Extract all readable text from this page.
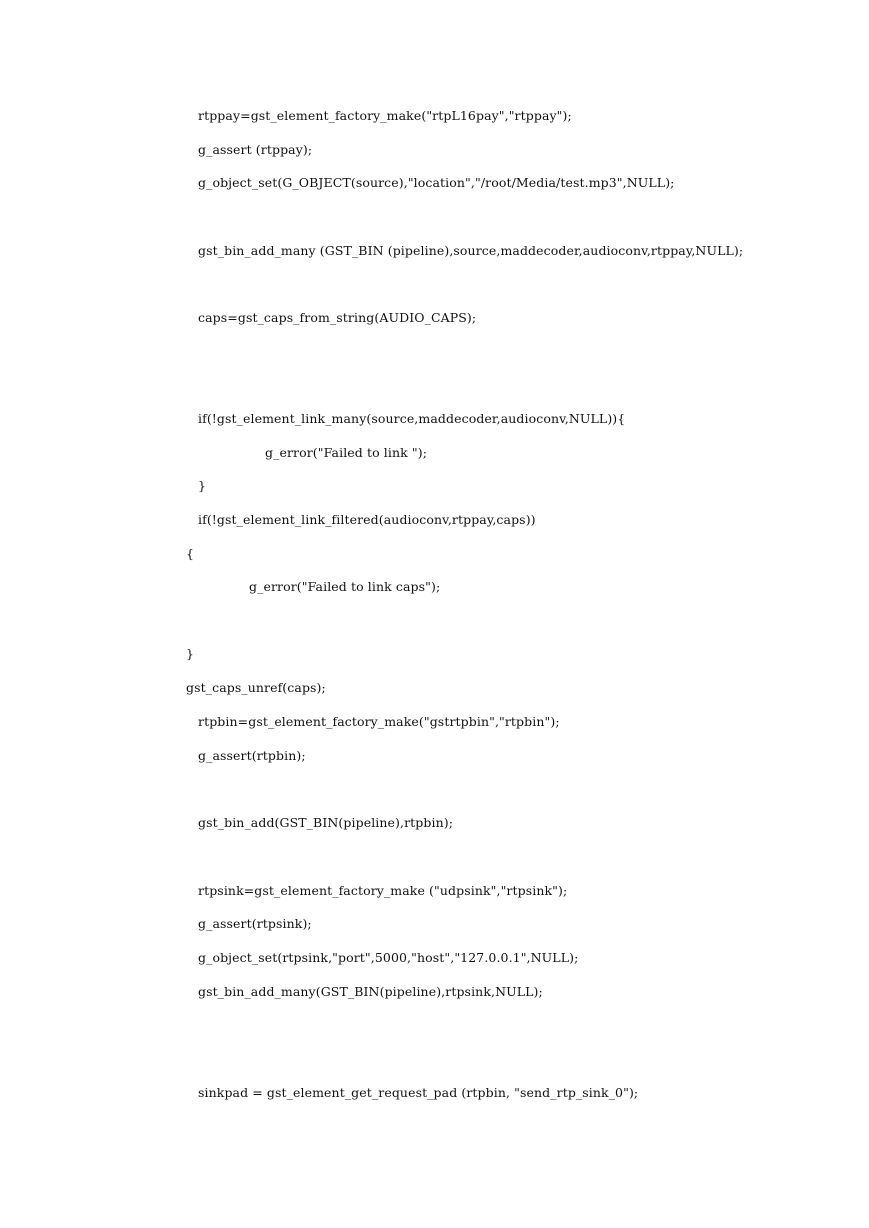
rtppay=gst_element_factory_make("rtpL16pay","rtppay");
g_assert (rtppay);
g_object_set(G_OBJECT(source),"location","/root/Media/test.mp3",NULL);
gst_bin_add_many (GST_BIN (pipeline),source,maddecoder,audioconv,rtppay,NULL);
caps=gst_caps_from_string(AUDIO_CAPS);
if(!gst_element_link_many(source,maddecoder,audioconv,NULL)){
g_error("Failed to link ");
}
if(!gst_element_link_filtered(audioconv,rtppay,caps))
{
g_error("Failed to link caps");
}
gst_caps_unref(caps);
rtpbin=gst_element_factory_make("gstrtpbin","rtpbin");
g_assert(rtpbin);
gst_bin_add(GST_BIN(pipeline),rtpbin);
rtpsink=gst_element_factory_make ("udpsink","rtpsink");
g_assert(rtpsink);
g_object_set(rtpsink,"port",5000,"host","127.0.0.1",NULL);
gst_bin_add_many(GST_BIN(pipeline),rtpsink,NULL);
sinkpad = gst_element_get_request_pad (rtpbin, "send_rtp_sink_0");
